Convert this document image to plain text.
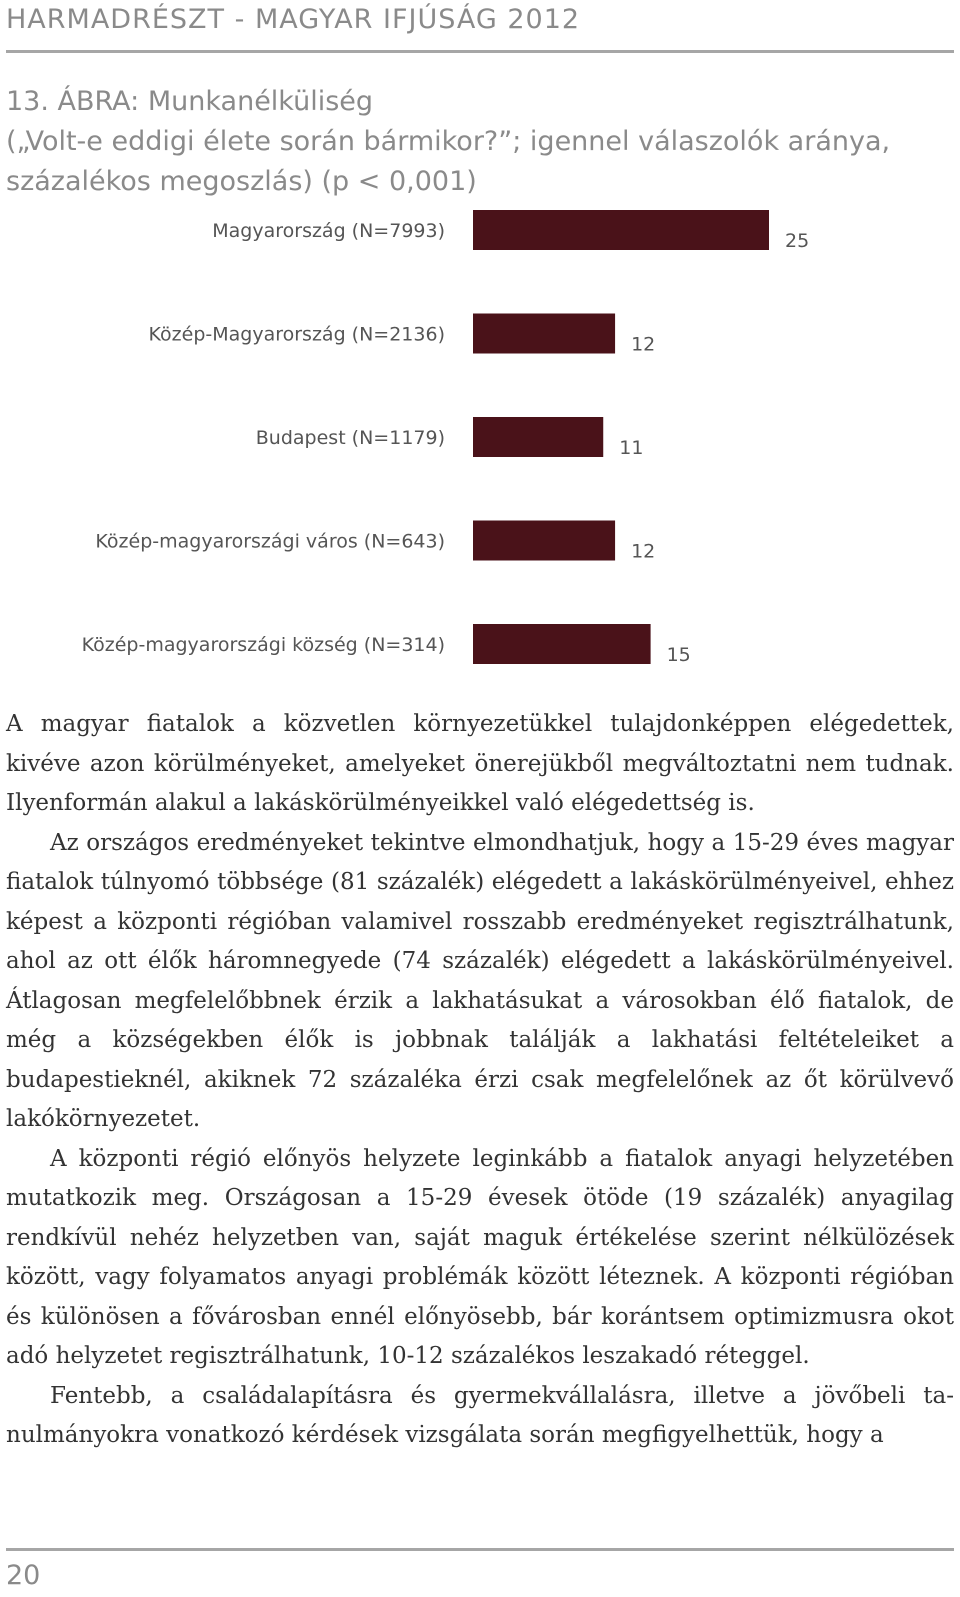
HARMADRÉSZT - MAGYAR IFJÚSÁG 2012
13. ÁBRA: Munkanélküliség
(„Volt-e eddigi élete során bármikor?”; igennel válaszolók aránya,
százalékos megoszlás) (p < 0,001)
Magyarország (N=7993)	25
Közép-Magyarország (N=2136)	12
Budapest (N=1179)	11
Közép-magyarországi város (N=643)	12
Közép-magyarországi község (N=314)	15

A magyar fiatalok a közvetlen környezetükkel tulajdonképpen elégedettek, kivéve azon körülményeket, amelyeket önerejükből megváltoztatni nem tudnak. Ilyenformán alakul a lakáskörülményeikkel való elégedettség is.

Az országos eredményeket tekintve elmondhatjuk, hogy a 15-29 éves magyar fiatalok túlnyomó többsége (81 százalék) elégedett a lakáskörülményeivel, ehhez képest a központi régióban valamivel rosszabb eredményeket regisztrálhatunk, ahol az ott élők háromnegyede (74 százalék) elégedett a lakáskörülményeivel. Átlagosan megfelelőbbnek érzik a lakhatásukat a városokban élő fiatalok, de még a községekben élők is jobbnak találják a lakhatási feltételeiket a budapestieknél, akiknek 72 százaléka érzi csak megfelelőnek az őt körülvevő lakókörnyezetet.

A központi régió előnyös helyzete leginkább a fiatalok anyagi helyzetében mutatkozik meg. Országosan a 15-29 évesek ötöde (19 százalék) anyagilag rendkívül nehéz helyzetben van, saját maguk értékelése szerint nélkülözések között, vagy folyamatos anyagi problémák között léteznek. A központi régióban és különösen a fővárosban ennél előnyösebb, bár korántsem optimizmusra okot adó helyzetet regisztrálhatunk, 10-12 százalékos leszakadó réteggel.

Fentebb, a családalapításra és gyermekvállalásra, illetve a jövőbeli tanulmányokra vonatkozó kérdések vizsgálata során megfigyelhettük, hogy a

20
